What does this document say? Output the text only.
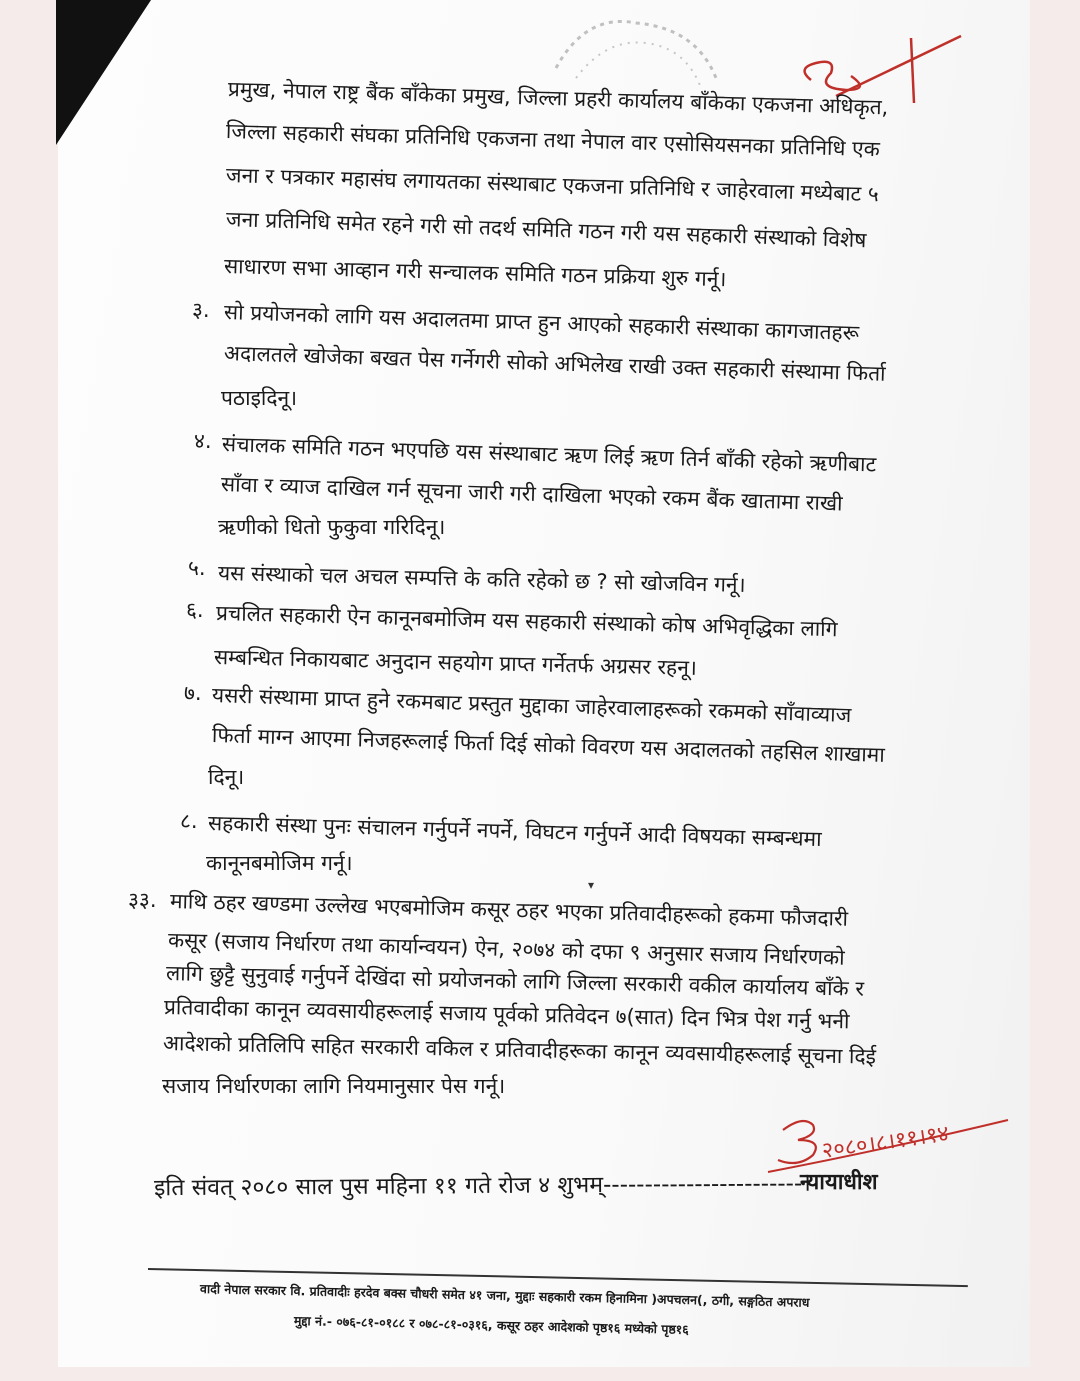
प्रमुख, नेपाल राष्ट्र बैंक बाँकेका प्रमुख, जिल्ला प्रहरी कार्यालय बाँकेका एकजना अधिकृत,
जिल्ला सहकारी संघका प्रतिनिधि एकजना तथा नेपाल वार एसोसियसनका प्रतिनिधि एक
जना र पत्रकार महासंघ लगायतका संस्थाबाट एकजना प्रतिनिधि र जाहेरवाला मध्येबाट ५
जना प्रतिनिधि समेत रहने गरी सो तदर्थ समिति गठन गरी यस सहकारी संस्थाको विशेष
साधारण सभा आव्हान गरी सन्चालक समिति गठन प्रक्रिया शुरु गर्नू।
३. सो प्रयोजनको लागि यस अदालतमा प्राप्त हुन आएको सहकारी संस्थाका कागजातहरू
अदालतले खोजेका बखत पेस गर्नेगरी सोको अभिलेख राखी उक्त सहकारी संस्थामा फिर्ता
पठाइदिनू।
४. संचालक समिति गठन भएपछि यस संस्थाबाट ऋण लिई ऋण तिर्न बाँकी रहेको ऋणीबाट
साँवा र व्याज दाखिल गर्न सूचना जारी गरी दाखिला भएको रकम बैंक खातामा राखी
ऋणीको धितो फुकुवा गरिदिनू।
५. यस संस्थाको चल अचल सम्पत्ति के कति रहेको छ ? सो खोजविन गर्नू।
६. प्रचलित सहकारी ऐन कानूनबमोजिम यस सहकारी संस्थाको कोष अभिवृद्धिका लागि
सम्बन्धित निकायबाट अनुदान सहयोग प्राप्त गर्नेतर्फ अग्रसर रहनू।
७. यसरी संस्थामा प्राप्त हुने रकमबाट प्रस्तुत मुद्दाका जाहेरवालाहरूको रकमको साँवाव्याज
फिर्ता माग्न आएमा निजहरूलाई फिर्ता दिई सोको विवरण यस अदालतको तहसिल शाखामा
दिनू।
८. सहकारी संस्था पुनः संचालन गर्नुपर्ने नपर्ने, विघटन गर्नुपर्ने आदी विषयका सम्बन्धमा
कानूनबमोजिम गर्नू।
▾
३३. माथि ठहर खण्डमा उल्लेख भएबमोजिम कसूर ठहर भएका प्रतिवादीहरूको हकमा फौजदारी
कसूर (सजाय निर्धारण तथा कार्यान्वयन) ऐन, २०७४ को दफा ९ अनुसार सजाय निर्धारणको
लागि छुट्टै सुनुवाई गर्नुपर्ने देखिंदा सो प्रयोजनको लागि जिल्ला सरकारी वकील कार्यालय बाँके र
प्रतिवादीका कानून व्यवसायीहरूलाई सजाय पूर्वको प्रतिवेदन ७(सात) दिन भित्र पेश गर्नु भनी
आदेशको प्रतिलिपि सहित सरकारी वकिल र प्रतिवादीहरूका कानून व्यवसायीहरूलाई सूचना दिई
सजाय निर्धारणका लागि नियमानुसार पेस गर्नू।
२०८०।८।११।१४
न्यायाधीश
इति संवत् २०८० साल पुस महिना ११ गते रोज ४ शुभम्------------------------।
वादी नेपाल सरकार वि. प्रतिवादीः हरदेव बक्स चौधरी समेत ४१ जना, मुद्दाः सहकारी रकम हिनामिना )अपचलन(, ठगी, सङ्गठित अपराध
मुद्दा नं.- ०७६-८१-०१८८ र ०७८-८१-०३१६, कसूर ठहर आदेशको पृष्ठ१६ मध्येको पृष्ठ१६
